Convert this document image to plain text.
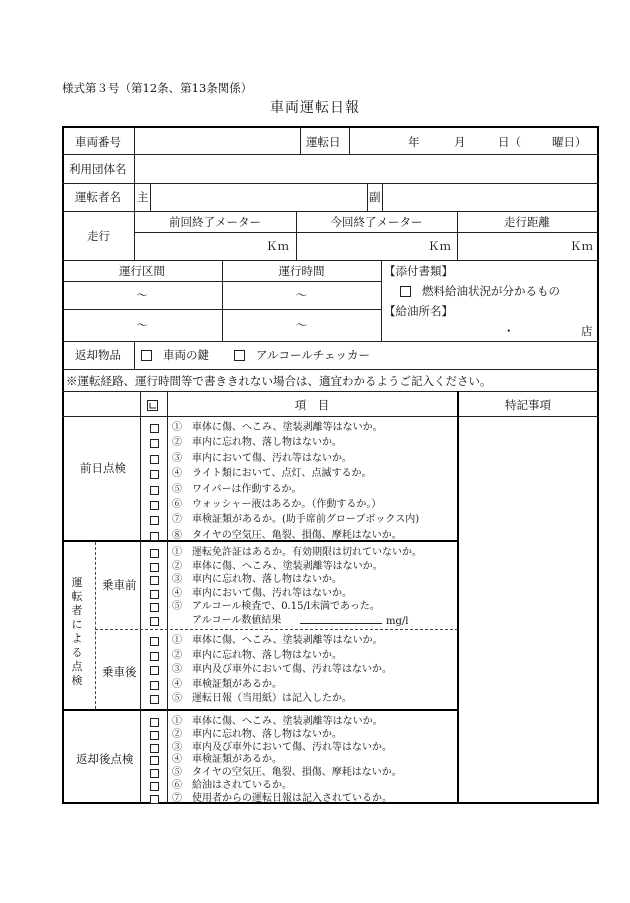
様式第３号（第12条、第13条関係）
車両運転日報
車両番号	運転日	年	月	日（	曜日）
利用団体名
運転者名 主	副
走行
前回終了メーター	今回終了メーター	走行距離
Ｋｍ	Ｋｍ	Ｋｍ
運行区間	運行時間
～	～
～	～
【添付書類】
燃料給油状況が分かるもの
【給油所名】
・	店
返却物品	車両の鍵	アルコールチェッカー
※運転経路、運行時間等で書ききれない場合は、適宜わかるようご記入ください。
項　目	特記事項
前日点検
①　車体に傷、へこみ、塗装剥離等はないか。
②　車内に忘れ物、落し物はないか。
③　車内において傷、汚れ等はないか。
④　ライト類において、点灯、点滅するか。
⑤　ワイパーは作動するか。
⑥　ウォッシャー液はあるか。（作動するか。）
⑦　車検証類があるか。(助手席前グローブボックス内)
⑧　タイヤの空気圧、亀裂、損傷、摩耗はないか。
運
転
者
に
よ
る
点
検
乗車前
①　運転免許証はあるか。有効期限は切れていないか。
②　車体に傷、へこみ、塗装剥離等はないか。
③　車内に忘れ物、落し物はないか。
④　車内において傷、汚れ等はないか。
⑤　アルコール検査で、0.15/l未満であった。
　　アルコール数値結果	mg/l
乗車後
①　車体に傷、へこみ、塗装剥離等はないか。
②　車内に忘れ物、落し物はないか。
③　車内及び車外において傷、汚れ等はないか。
④　車検証類があるか。
⑤　運転日報（当用紙）は記入したか。
返却後点検
①　車体に傷、へこみ、塗装剥離等はないか。
②　車内に忘れ物、落し物はないか。
③　車内及び車外において傷、汚れ等はないか。
④　車検証類があるか。
⑤　タイヤの空気圧、亀裂、損傷、摩耗はないか。
⑥　給油はされているか。
⑦　使用者からの運転日報は記入されているか。
